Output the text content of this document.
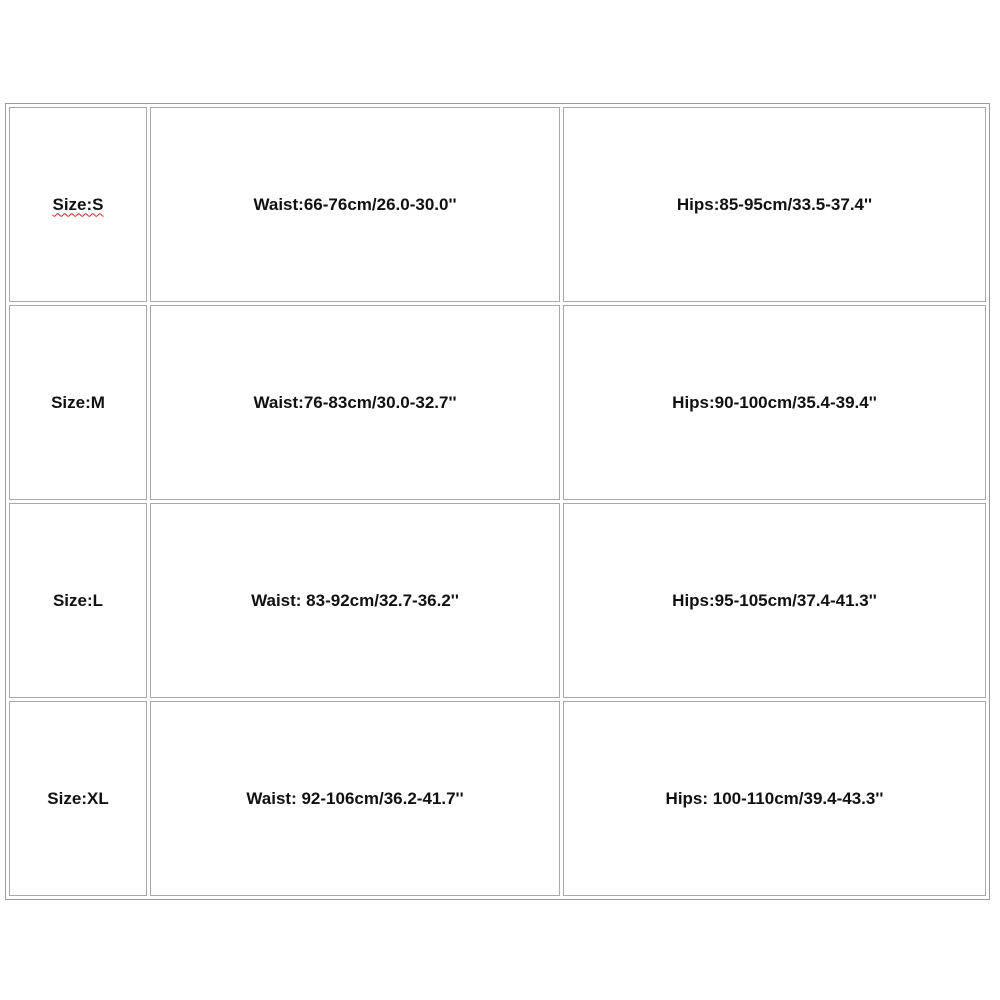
Size:S	Waist:66-76cm/26.0-30.0''	Hips:85-95cm/33.5-37.4''
Size:M	Waist:76-83cm/30.0-32.7''	Hips:90-100cm/35.4-39.4''
Size:L	Waist: 83-92cm/32.7-36.2''	Hips:95-105cm/37.4-41.3''
Size:XL	Waist: 92-106cm/36.2-41.7''	Hips: 100-110cm/39.4-43.3''
